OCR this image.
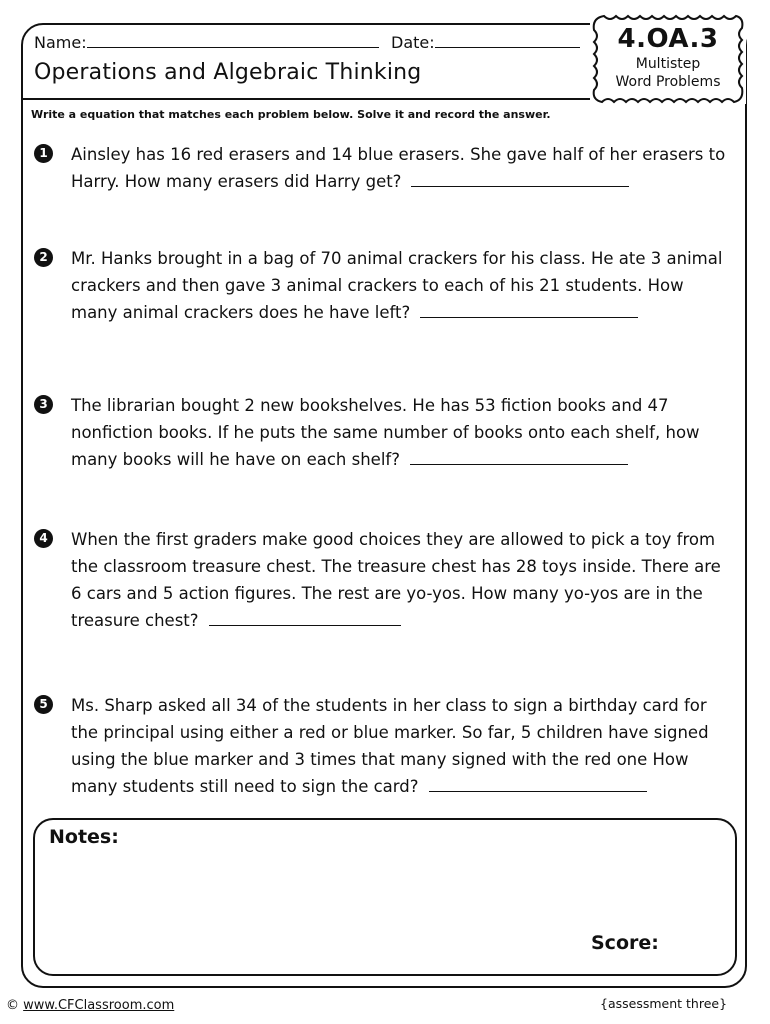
Name:	Date:
Operations and Algebraic Thinking
4.OA.3
Multistep
Word Problems
Write a equation that matches each problem below. Solve it and record the answer.
1	Ainsley has 16 red erasers and 14 blue erasers. She gave half of her erasers to Harry. How many erasers did Harry get?
2	Mr. Hanks brought in a bag of 70 animal crackers for his class. He ate 3 animal crackers and then gave 3 animal crackers to each of his 21 students. How many animal crackers does he have left?
3	The librarian bought 2 new bookshelves. He has 53 fiction books and 47 nonfiction books. If he puts the same number of books onto each shelf, how many books will he have on each shelf?
4	When the first graders make good choices they are allowed to pick a toy from the classroom treasure chest. The treasure chest has 28 toys inside. There are 6 cars and 5 action figures. The rest are yo-yos. How many yo-yos are in the treasure chest?
5	Ms. Sharp asked all 34 of the students in her class to sign a birthday card for the principal using either a red or blue marker. So far, 5 children have signed using the blue marker and 3 times that many signed with the red one How many students still need to sign the card?
Notes:
Score:
© www.CFClassroom.com	{assessment three}
